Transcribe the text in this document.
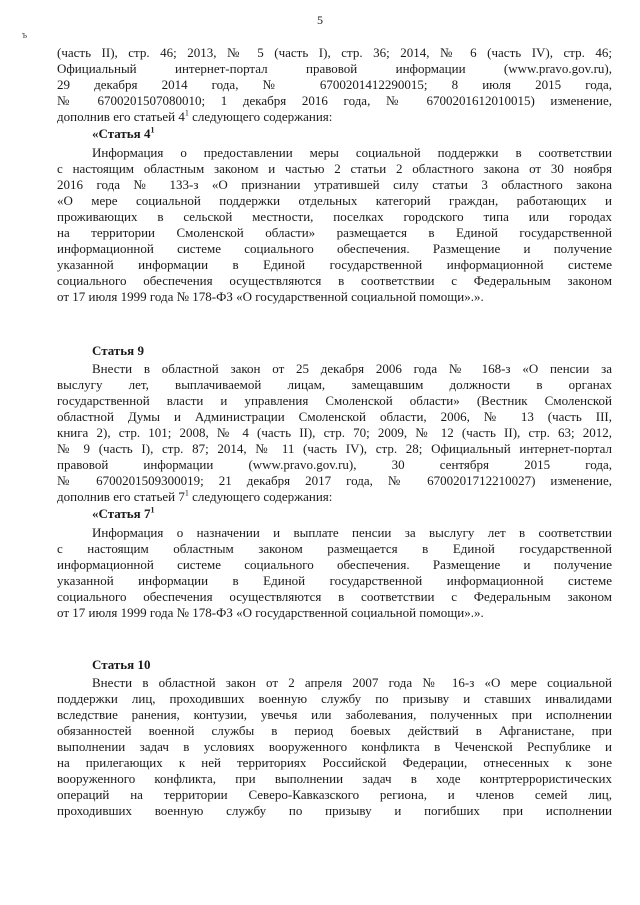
5
ъ
(часть II), стр. 46; 2013, № 5 (часть I), стр. 36; 2014, № 6 (часть IV), стр. 46;
Официальный интернет-портал правовой информации (www.pravo.gov.ru),
29 декабря 2014 года, № 6700201412290015; 8 июля 2015 года,
№ 6700201507080010; 1 декабря 2016 года, № 6700201612010015) изменение,
дополнив его статьей $4^1$ следующего содержания:
«Статья $4^1$
Информация о предоставлении меры социальной поддержки в соответствии
с настоящим областным законом и частью 2 статьи 2 областного закона от 30 ноября
2016 года № 133-з «О признании утратившей силу статьи 3 областного закона
«О мере социальной поддержки отдельных категорий граждан, работающих и
проживающих в сельской местности, поселках городского типа или городах
на территории Смоленской области» размещается в Единой государственной
информационной системе социального обеспечения. Размещение и получение
указанной информации в Единой государственной информационной системе
социального обеспечения осуществляются в соответствии с Федеральным законом
от 17 июля 1999 года № 178-ФЗ «О государственной социальной помощи».».
Статья 9
Внести в областной закон от 25 декабря 2006 года № 168-з «О пенсии за
выслугу лет, выплачиваемой лицам, замещавшим должности в органах
государственной власти и управления Смоленской области» (Вестник Смоленской
областной Думы и Администрации Смоленской области, 2006, № 13 (часть III,
книга 2), стр. 101; 2008, № 4 (часть II), стр. 70; 2009, № 12 (часть II), стр. 63; 2012,
№ 9 (часть I), стр. 87; 2014, № 11 (часть IV), стр. 28; Официальный интернет-портал
правовой информации (www.pravo.gov.ru), 30 сентября 2015 года,
№ 6700201509300019; 21 декабря 2017 года, № 6700201712210027) изменение,
дополнив его статьей $7^1$ следующего содержания:
«Статья $7^1$
Информация о назначении и выплате пенсии за выслугу лет в соответствии
с настоящим областным законом размещается в Единой государственной
информационной системе социального обеспечения. Размещение и получение
указанной информации в Единой государственной информационной системе
социального обеспечения осуществляются в соответствии с Федеральным законом
от 17 июля 1999 года № 178-ФЗ «О государственной социальной помощи».».
Статья 10
Внести в областной закон от 2 апреля 2007 года № 16-з «О мере социальной
поддержки лиц, проходивших военную службу по призыву и ставших инвалидами
вследствие ранения, контузии, увечья или заболевания, полученных при исполнении
обязанностей военной службы в период боевых действий в Афганистане, при
выполнении задач в условиях вооруженного конфликта в Чеченской Республике и
на прилегающих к ней территориях Российской Федерации, отнесенных к зоне
вооруженного конфликта, при выполнении задач в ходе контртеррористических
операций на территории Северо-Кавказского региона, и членов семей лиц,
проходивших военную службу по призыву и погибших при исполнении
